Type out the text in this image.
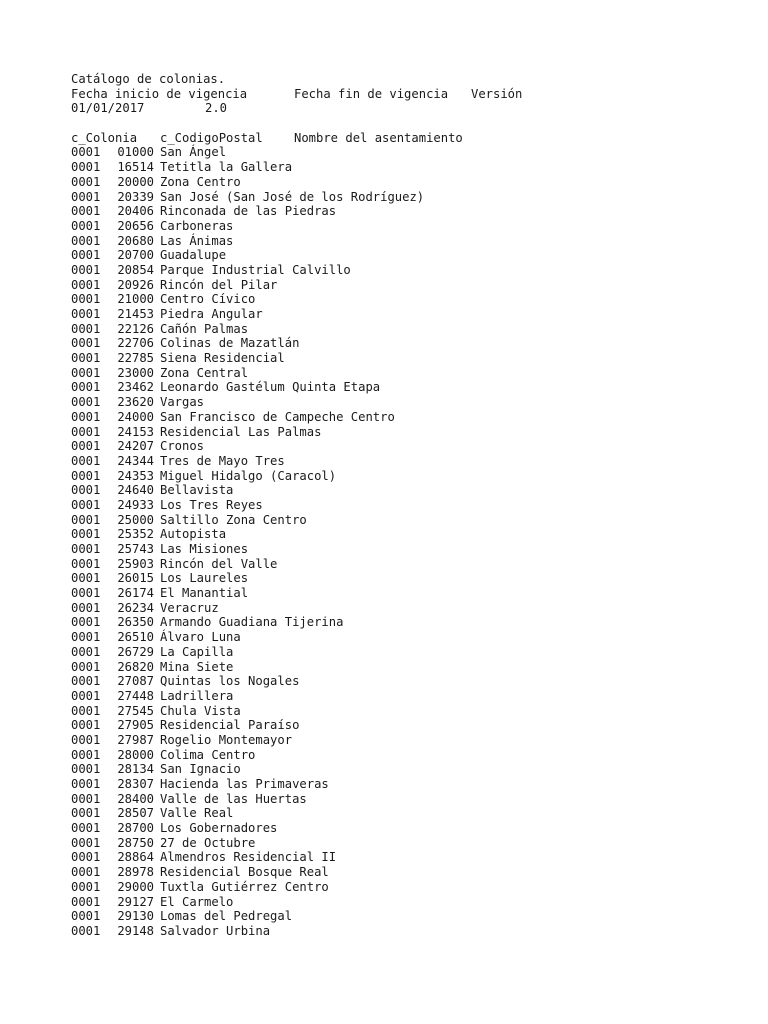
Catálogo de colonias.
Fecha inicio de vigencia	Fecha fin de vigencia	Versión
01/01/2017	2.0
c_Colonia	c_CodigoPostal	Nombre del asentamiento
0001	01000 San Ángel
0001	16514 Tetitla la Gallera
0001	20000 Zona Centro
0001	20339 San José (San José de los Rodríguez)
0001	20406 Rinconada de las Piedras
0001	20656 Carboneras
0001	20680 Las Ánimas
0001	20700 Guadalupe
0001	20854 Parque Industrial Calvillo
0001	20926 Rincón del Pilar
0001	21000 Centro Cívico
0001	21453 Piedra Angular
0001	22126 Cañón Palmas
0001	22706 Colinas de Mazatlán
0001	22785 Siena Residencial
0001	23000 Zona Central
0001	23462 Leonardo Gastélum Quinta Etapa
0001	23620 Vargas
0001	24000 San Francisco de Campeche Centro
0001	24153 Residencial Las Palmas
0001	24207 Cronos
0001	24344 Tres de Mayo Tres
0001	24353 Miguel Hidalgo (Caracol)
0001	24640 Bellavista
0001	24933 Los Tres Reyes
0001	25000 Saltillo Zona Centro
0001	25352 Autopista
0001	25743 Las Misiones
0001	25903 Rincón del Valle
0001	26015 Los Laureles
0001	26174 El Manantial
0001	26234 Veracruz
0001	26350 Armando Guadiana Tijerina
0001	26510 Álvaro Luna
0001	26729 La Capilla
0001	26820 Mina Siete
0001	27087 Quintas los Nogales
0001	27448 Ladrillera
0001	27545 Chula Vista
0001	27905 Residencial Paraíso
0001	27987 Rogelio Montemayor
0001	28000 Colima Centro
0001	28134 San Ignacio
0001	28307 Hacienda las Primaveras
0001	28400 Valle de las Huertas
0001	28507 Valle Real
0001	28700 Los Gobernadores
0001	28750 27 de Octubre
0001	28864 Almendros Residencial II
0001	28978 Residencial Bosque Real
0001	29000 Tuxtla Gutiérrez Centro
0001	29127 El Carmelo
0001	29130 Lomas del Pedregal
0001	29148 Salvador Urbina
